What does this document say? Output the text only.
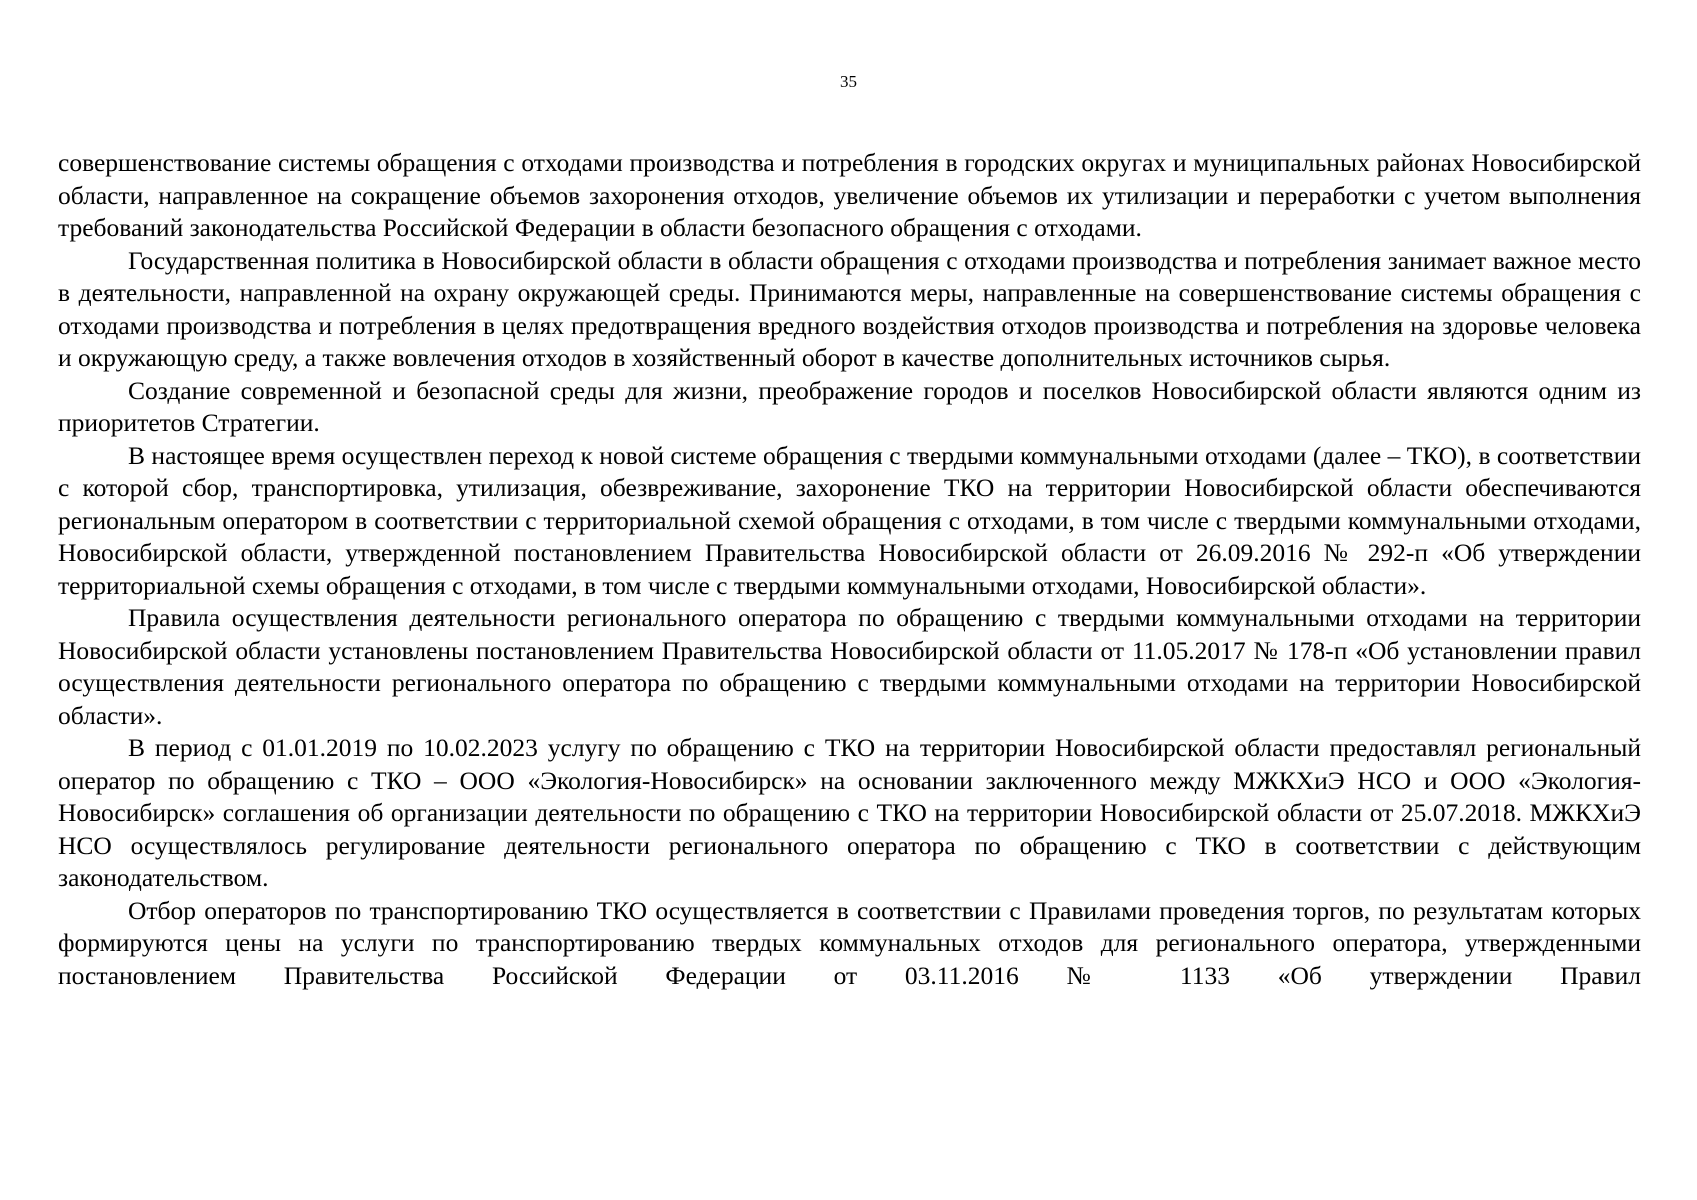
35

совершенствование системы обращения с отходами производства и потребления в городских округах и муниципальных районах Новосибирской области, направленное на сокращение объемов захоронения отходов, увеличение объемов их утилизации и переработки с учетом выполнения требований законодательства Российской Федерации в области безопасного обращения с отходами.

Государственная политика в Новосибирской области в области обращения с отходами производства и потребления занимает важное место в деятельности, направленной на охрану окружающей среды. Принимаются меры, направленные на совершенствование системы обращения с отходами производства и потребления в целях предотвращения вредного воздействия отходов производства и потребления на здоровье человека и окружающую среду, а также вовлечения отходов в хозяйственный оборот в качестве дополнительных источников сырья.

Создание современной и безопасной среды для жизни, преображение городов и поселков Новосибирской области являются одним из приоритетов Стратегии.

В настоящее время осуществлен переход к новой системе обращения с твердыми коммунальными отходами (далее – ТКО), в соответствии с которой сбор, транспортировка, утилизация, обезвреживание, захоронение ТКО на территории Новосибирской области обеспечиваются региональным оператором в соответствии с территориальной схемой обращения с отходами, в том числе с твердыми коммунальными отходами, Новосибирской области, утвержденной постановлением Правительства Новосибирской области от 26.09.2016 № 292-п «Об утверждении территориальной схемы обращения с отходами, в том числе с твердыми коммунальными отходами, Новосибирской области».

Правила осуществления деятельности регионального оператора по обращению с твердыми коммунальными отходами на территории Новосибирской области установлены постановлением Правительства Новосибирской области от 11.05.2017 № 178-п «Об установлении правил осуществления деятельности регионального оператора по обращению с твердыми коммунальными отходами на территории Новосибирской области».

В период с 01.01.2019 по 10.02.2023 услугу по обращению с ТКО на территории Новосибирской области предоставлял региональный оператор по обращению с ТКО – ООО «Экология-Новосибирск» на основании заключенного между МЖКХиЭ НСО и ООО «Экология-Новосибирск» соглашения об организации деятельности по обращению с ТКО на территории Новосибирской области от 25.07.2018. МЖКХиЭ НСО осуществлялось регулирование деятельности регионального оператора по обращению с ТКО в соответствии с действующим законодательством.

Отбор операторов по транспортированию ТКО осуществляется в соответствии с Правилами проведения торгов, по результатам которых формируются цены на услуги по транспортированию твердых коммунальных отходов для регионального оператора, утвержденными постановлением Правительства Российской Федерации от 03.11.2016 № 1133 «Об утверждении Правил
